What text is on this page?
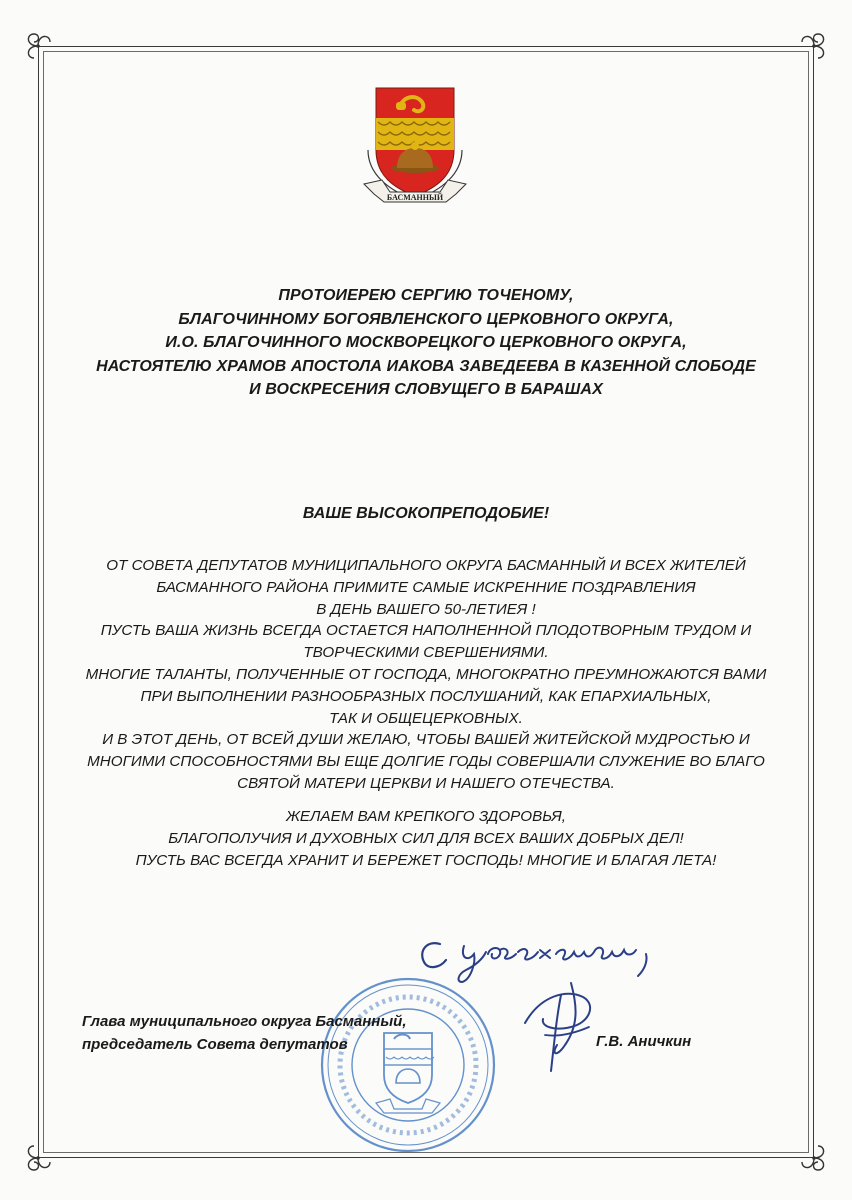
БАСМАННЫЙ
ПРОТОИЕРЕЮ СЕРГИЮ ТОЧЕНОМУ,
БЛАГОЧИННОМУ БОГОЯВЛЕНСКОГО ЦЕРКОВНОГО ОКРУГА,
И.О. БЛАГОЧИННОГО МОСКВОРЕЦКОГО ЦЕРКОВНОГО ОКРУГА,
НАСТОЯТЕЛЮ ХРАМОВ АПОСТОЛА ИАКОВА ЗАВЕДЕЕВА В КАЗЕННОЙ СЛОБОДЕ
И ВОСКРЕСЕНИЯ СЛОВУЩЕГО В БАРАШАХ
ВАШЕ ВЫСОКОПРЕПОДОБИЕ!
ОТ СОВЕТА ДЕПУТАТОВ МУНИЦИПАЛЬНОГО ОКРУГА БАСМАННЫЙ И ВСЕХ ЖИТЕЛЕЙ
БАСМАННОГО РАЙОНА ПРИМИТЕ САМЫЕ ИСКРЕННИЕ ПОЗДРАВЛЕНИЯ
В ДЕНЬ ВАШЕГО 50-ЛЕТИЕЯ !
ПУСТЬ ВАША ЖИЗНЬ ВСЕГДА ОСТАЕТСЯ НАПОЛНЕННОЙ ПЛОДОТВОРНЫМ ТРУДОМ И
ТВОРЧЕСКИМИ СВЕРШЕНИЯМИ.
МНОГИЕ ТАЛАНТЫ, ПОЛУЧЕННЫЕ ОТ ГОСПОДА, МНОГОКРАТНО ПРЕУМНОЖАЮТСЯ ВАМИ
ПРИ ВЫПОЛНЕНИИ РАЗНООБРАЗНЫХ ПОСЛУШАНИЙ, КАК ЕПАРХИАЛЬНЫХ,
ТАК И ОБЩЕЦЕРКОВНЫХ.
И В ЭТОТ ДЕНЬ, ОТ ВСЕЙ ДУШИ ЖЕЛАЮ, ЧТОБЫ ВАШЕЙ ЖИТЕЙСКОЙ МУДРОСТЬЮ И
МНОГИМИ СПОСОБНОСТЯМИ ВЫ ЕЩЕ ДОЛГИЕ ГОДЫ СОВЕРШАЛИ СЛУЖЕНИЕ ВО БЛАГО
СВЯТОЙ МАТЕРИ ЦЕРКВИ И НАШЕГО ОТЕЧЕСТВА.
ЖЕЛАЕМ ВАМ КРЕПКОГО ЗДОРОВЬЯ,
БЛАГОПОЛУЧИЯ И ДУХОВНЫХ СИЛ ДЛЯ ВСЕХ ВАШИХ ДОБРЫХ ДЕЛ!
ПУСТЬ ВАС ВСЕГДА ХРАНИТ И БЕРЕЖЕТ ГОСПОДЬ! МНОГИЕ И БЛАГАЯ ЛЕТА!
Глава муниципального округа Басманный,
председатель Совета депутатов	Г.В. Аничкин
